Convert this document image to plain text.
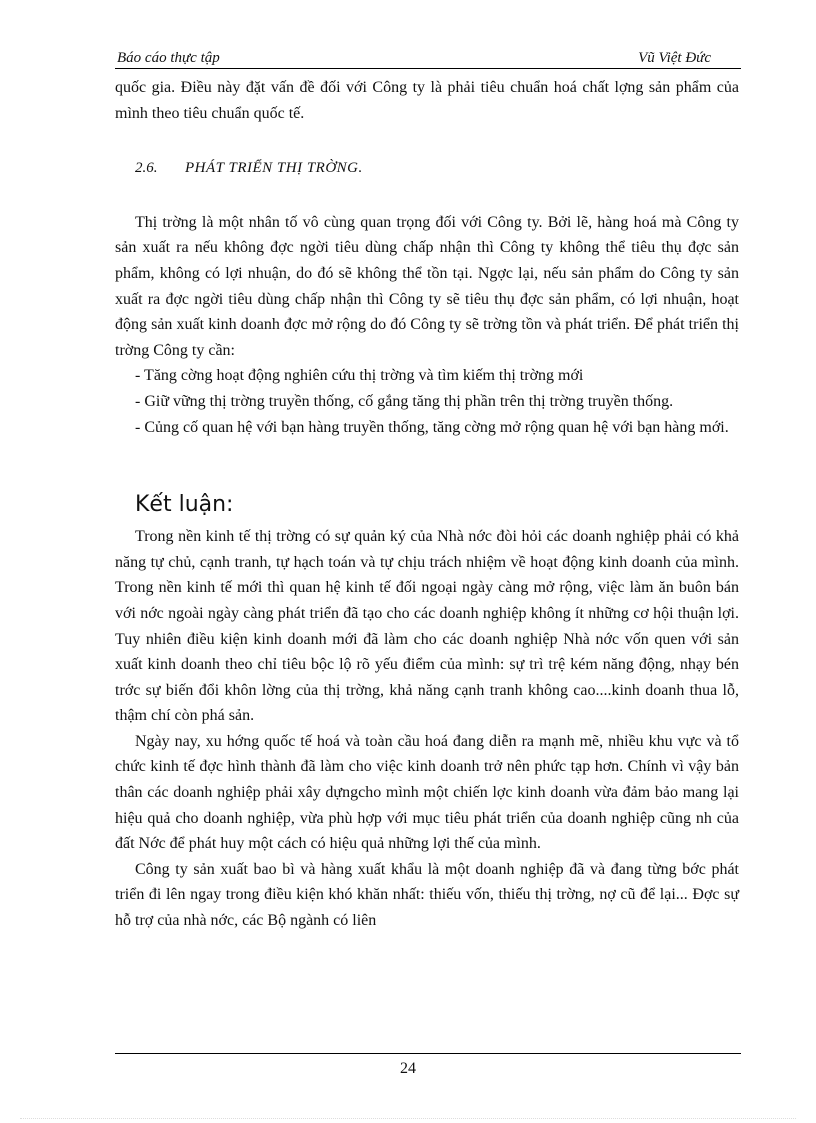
Báo cáo thực tập	Vũ Việt Đức

quốc gia. Điều này đặt vấn đề đối với Công ty là phải tiêu chuẩn hoá chất lợng sản phẩm của mình theo tiêu chuẩn quốc tế.

2.6. PHÁT TRIỂN THỊ TRỜNG.

Thị trờng là một nhân tố vô cùng quan trọng đối với Công ty. Bởi lẽ, hàng hoá mà Công ty sản xuất ra nếu không đợc ngời tiêu dùng chấp nhận thì Công ty không thể tiêu thụ đợc sản phẩm, không có lợi nhuận, do đó sẽ không thể tồn tại. Ngợc lại, nếu sản phẩm do Công ty sản xuất ra đợc ngời tiêu dùng chấp nhận thì Công ty sẽ tiêu thụ đợc sản phẩm, có lợi nhuận, hoạt động sản xuất kinh doanh đợc mở rộng do đó Công ty sẽ trờng tồn và phát triển. Để phát triển thị trờng Công ty cần:

- Tăng cờng hoạt động nghiên cứu thị trờng và tìm kiếm thị trờng mới

- Giữ vững thị trờng truyền thống, cố gắng tăng thị phần trên thị trờng truyền thống.

- Củng cố quan hệ với bạn hàng truyền thống, tăng cờng mở rộng quan hệ với bạn hàng mới.

Kết luận:

Trong nền kinh tế thị trờng có sự quản ký của Nhà nớc đòi hỏi các doanh nghiệp phải có khả năng tự chủ, cạnh tranh, tự hạch toán và tự chịu trách nhiệm về hoạt động kinh doanh của mình. Trong nền kinh tế mới thì quan hệ kinh tế đối ngoại ngày càng mở rộng, việc làm ăn buôn bán với nớc ngoài ngày càng phát triển đã tạo cho các doanh nghiệp không ít những cơ hội thuận lợi. Tuy nhiên điều kiện kinh doanh mới đã làm cho các doanh nghiệp Nhà nớc vốn quen với sản xuất kinh doanh theo chỉ tiêu bộc lộ rõ yếu điểm của mình: sự trì trệ kém năng động, nhạy bén trớc sự biến đổi khôn lờng của thị trờng, khả năng cạnh tranh không cao....kinh doanh thua lỗ, thậm chí còn phá sản.

Ngày nay, xu hớng quốc tế hoá và toàn cầu hoá đang diễn ra mạnh mẽ, nhiều khu vực và tổ chức kinh tế đợc hình thành đã làm cho việc kinh doanh trở nên phức tạp hơn. Chính vì vậy bản thân các doanh nghiệp phải xây dựngcho mình một chiến lợc kinh doanh vừa đảm bảo mang lại hiệu quả cho doanh nghiệp, vừa phù hợp với mục tiêu phát triển của doanh nghiệp cũng nh của đất Nớc để phát huy một cách có hiệu quả những lợi thế của mình.

Công ty sản xuất bao bì và hàng xuất khẩu là một doanh nghiệp đã và đang từng bớc phát triển đi lên ngay trong điều kiện khó khăn nhất: thiếu vốn, thiếu thị trờng, nợ cũ để lại... Đợc sự hỗ trợ của nhà nớc, các Bộ ngành có liên

24
